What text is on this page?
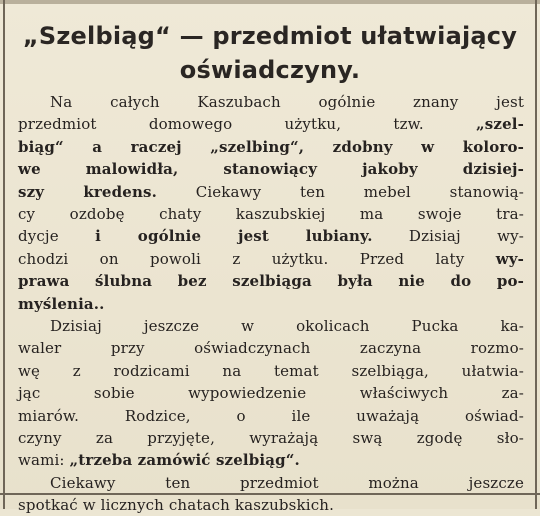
„Szelbiąg“ — przedmiot ułatwiający
oświadczyny.
Na całych Kaszubach ogólnie znany jest
przedmiot domowego użytku, tzw. „szel-
biąg“ a raczej „szelbing“, zdobny w koloro-
we malowidła, stanowiący jakoby dzisiej-
szy kredens. Ciekawy ten mebel stanowią-
cy ozdobę chaty kaszubskiej ma swoje tra-
dycje i ogólnie jest lubiany. Dzisiaj wy-
chodzi on powoli z użytku. Przed laty wy-
prawa ślubna bez szelbiąga była nie do po-
myślenia..
Dzisiaj jeszcze w okolicach Pucka ka-
waler przy oświadczynach zaczyna rozmo-
wę z rodzicami na temat szelbiąga, ułatwia-
jąc sobie wypowiedzenie właściwych za-
miarów. Rodzice, o ile uważają oświad-
czyny za przyjęte, wyrażają swą zgodę sło-
wami: „trzeba zamówić szelbiąg“.
Ciekawy ten przedmiot można jeszcze
spotkać w licznych chatach kaszubskich.
